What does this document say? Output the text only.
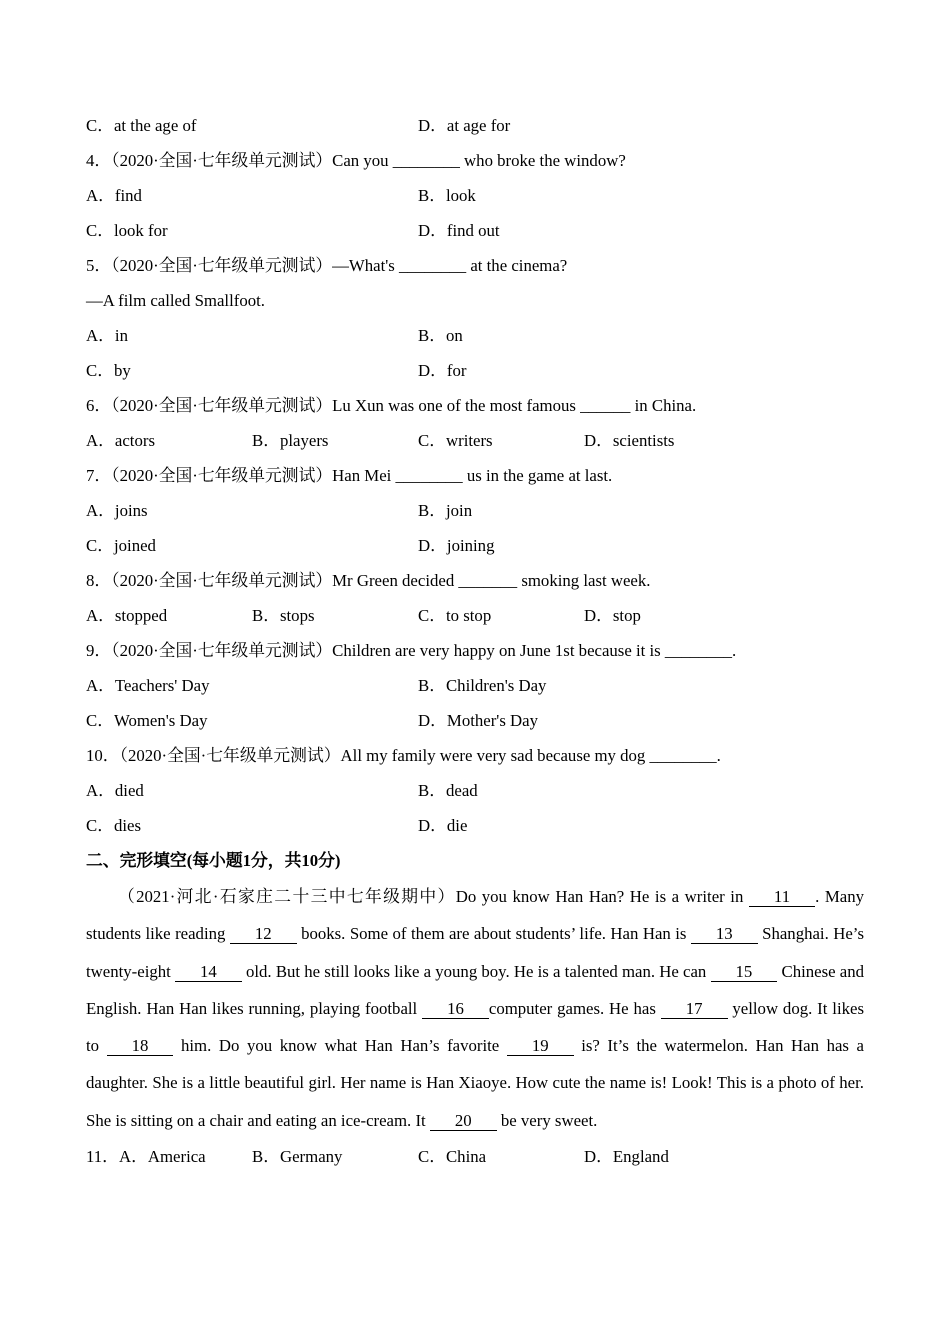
C．at the age of	D．at age for
4．（2020·全国·七年级单元测试）Can you ________ who broke the window?
A．find	B．look
C．look for	D．find out
5．（2020·全国·七年级单元测试）—What's ________ at the cinema?
—A film called Smallfoot.
A．in	B．on
C．by	D．for
6．（2020·全国·七年级单元测试）Lu Xun was one of the most famous ______ in China.
A．actors	B．players	C．writers	D．scientists
7．（2020·全国·七年级单元测试）Han Mei ________ us in the game at last.
A．joins	B．join
C．joined	D．joining
8．（2020·全国·七年级单元测试）Mr Green decided _______ smoking last week.
A．stopped	B．stops	C．to stop	D．stop
9．（2020·全国·七年级单元测试）Children are very happy on June 1st because it is ________.
A．Teachers' Day	B．Children's Day
C．Women's Day	D．Mother's Day
10．（2020·全国·七年级单元测试）All my family were very sad because my dog ________.
A．died	B．dead
C．dies	D．die
二、完形填空(每小题1分，共10分)

（2021·河北·石家庄二十三中七年级期中）Do you know Han Han? He is a writer in 11 . Many students like reading 12 books. Some of them are about students’ life. Han Han is 13 Shanghai. He’s twenty-eight 14 old. But he still looks like a young boy. He is a talented man. He can 15 Chinese and English. Han Han likes running, playing football 16 computer games. He has 17 yellow dog. It likes to 18 him. Do you know what Han Han’s favorite 19 is? It’s the watermelon. Han Han has a daughter. She is a little beautiful girl. Her name is Han Xiaoye. How cute the name is! Look! This is a photo of her. She is sitting on a chair and eating an ice-cream. It 20 be very sweet.

11．A．America	B．Germany	C．China	D．England
